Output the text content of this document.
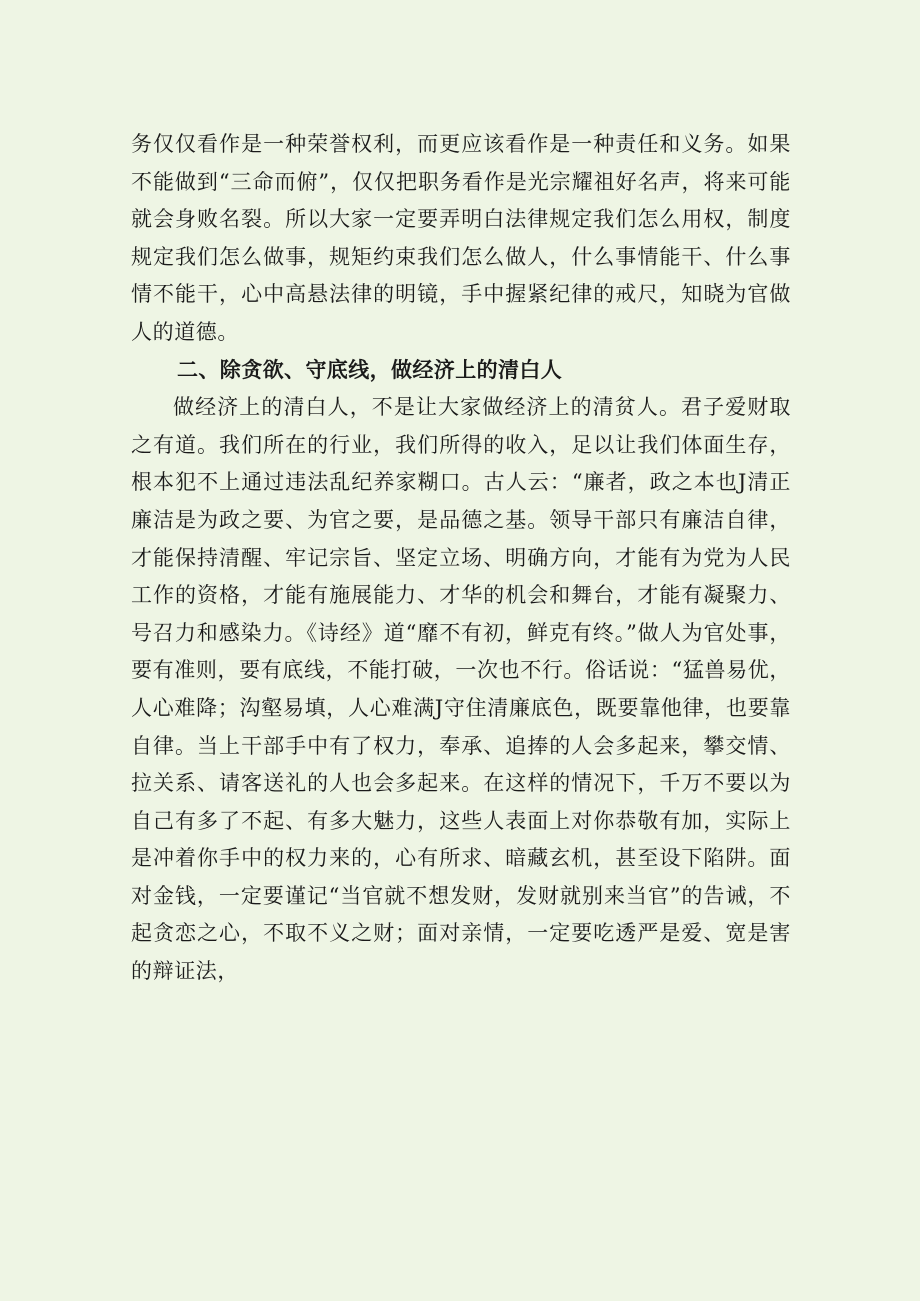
务仅仅看作是一种荣誉权利，而更应该看作是一种责任和义务。如果不能做到“三命而俯”，仅仅把职务看作是光宗耀祖好名声，将来可能就会身败名裂。所以大家一定要弄明白法律规定我们怎么用权，制度规定我们怎么做事，规矩约束我们怎么做人，什么事情能干、什么事情不能干，心中高悬法律的明镜，手中握紧纪律的戒尺，知晓为官做人的道德。

二、除贪欲、守底线，做经济上的清白人

做经济上的清白人，不是让大家做经济上的清贫人。君子爱财取之有道。我们所在的行业，我们所得的收入，足以让我们体面生存，根本犯不上通过违法乱纪养家糊口。古人云：“廉者，政之本也J清正廉洁是为政之要、为官之要，是品德之基。领导干部只有廉洁自律，才能保持清醒、牢记宗旨、坚定立场、明确方向，才能有为党为人民工作的资格，才能有施展能力、才华的机会和舞台，才能有凝聚力、号召力和感染力。《诗经》道“靡不有初，鲜克有终。”做人为官处事，要有准则，要有底线，不能打破，一次也不行。俗话说：“猛兽易优，人心难降；沟壑易填，人心难满J守住清廉底色，既要靠他律，也要靠自律。当上干部手中有了权力，奉承、追捧的人会多起来，攀交情、拉关系、请客送礼的人也会多起来。在这样的情况下，千万不要以为自己有多了不起、有多大魅力，这些人表面上对你恭敬有加，实际上是冲着你手中的权力来的，心有所求、暗藏玄机，甚至设下陷阱。面对金钱，一定要谨记“当官就不想发财，发财就别来当官”的告诫，不起贪恋之心，不取不义之财；面对亲情，一定要吃透严是爱、宽是害的辩证法，
